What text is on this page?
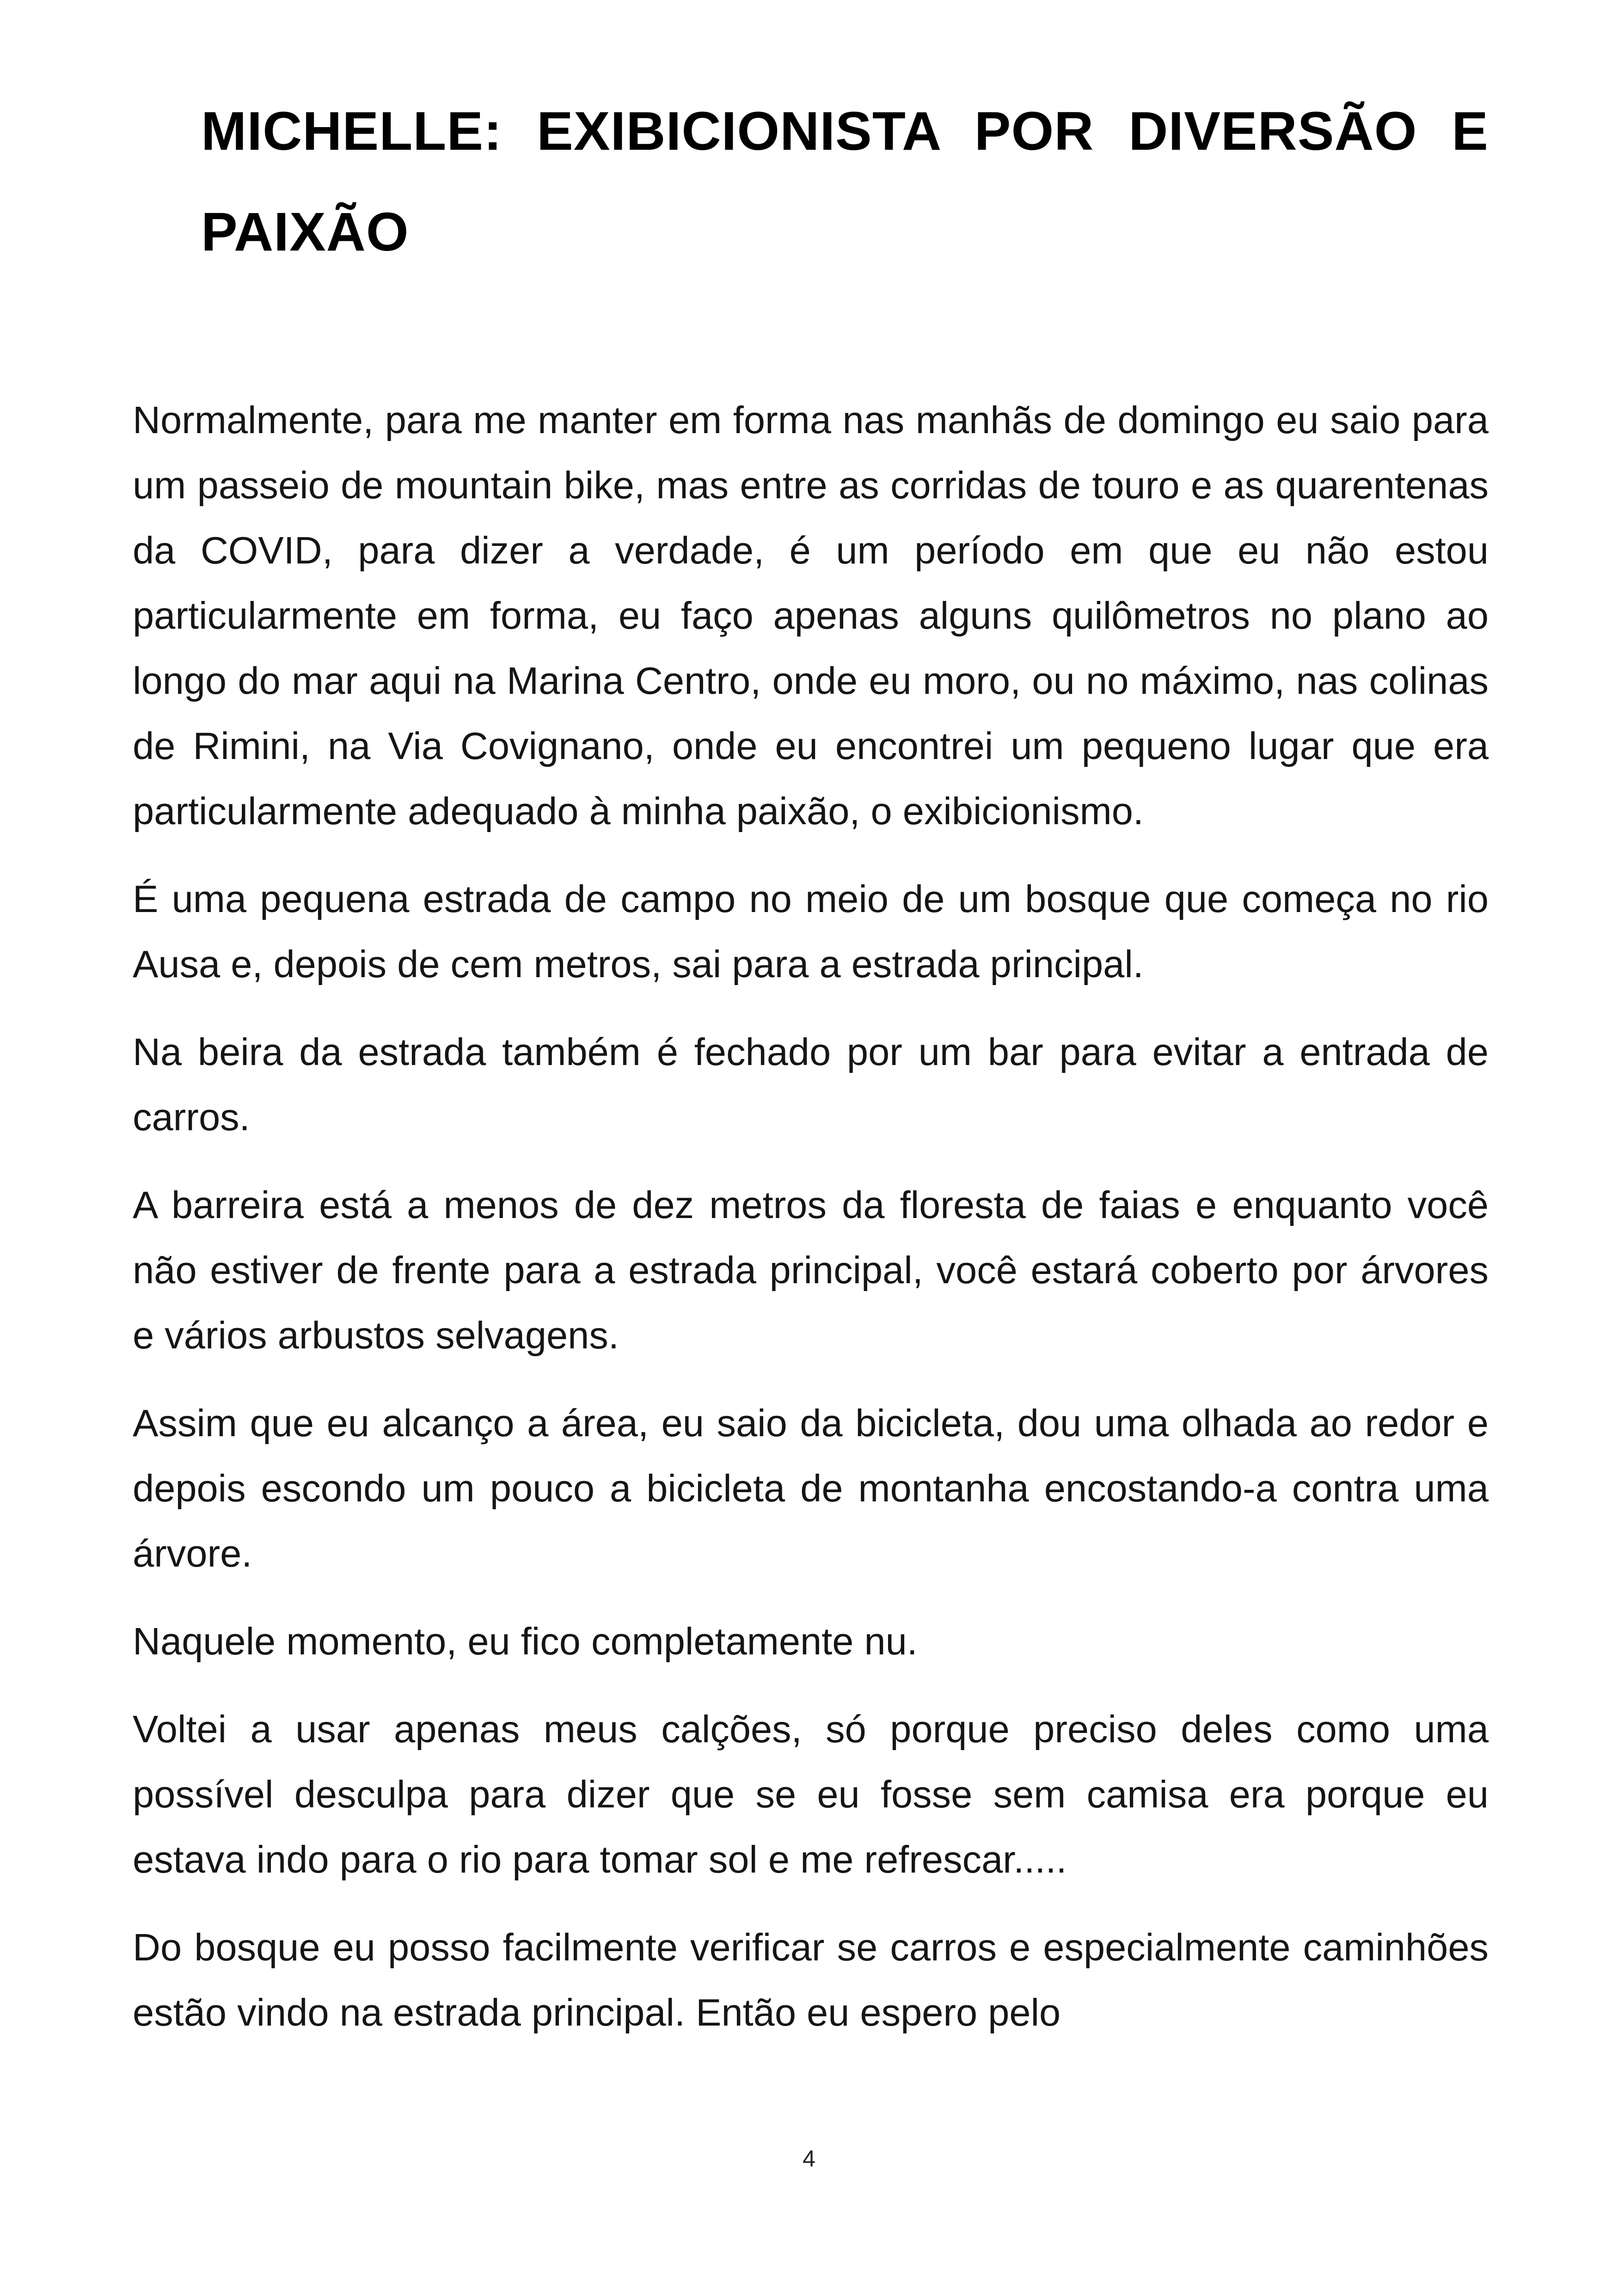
MICHELLE: EXIBICIONISTA POR DIVERSÃO E PAIXÃO

Normalmente, para me manter em forma nas manhãs de domingo eu saio para um passeio de mountain bike, mas entre as corridas de touro e as quarentenas da COVID, para dizer a verdade, é um período em que eu não estou particularmente em forma, eu faço apenas alguns quilômetros no plano ao longo do mar aqui na Marina Centro, onde eu moro, ou no máximo, nas colinas de Rimini, na Via Covignano, onde eu encontrei um pequeno lugar que era particularmente adequado à minha paixão, o exibicionismo.

É uma pequena estrada de campo no meio de um bosque que começa no rio Ausa e, depois de cem metros, sai para a estrada principal.

Na beira da estrada também é fechado por um bar para evitar a entrada de carros.

A barreira está a menos de dez metros da floresta de faias e enquanto você não estiver de frente para a estrada principal, você estará coberto por árvores e vários arbustos selvagens.

Assim que eu alcanço a área, eu saio da bicicleta, dou uma olhada ao redor e depois escondo um pouco a bicicleta de montanha encostando-a contra uma árvore.

Naquele momento, eu fico completamente nu.

Voltei a usar apenas meus calções, só porque preciso deles como uma possível desculpa para dizer que se eu fosse sem camisa era porque eu estava indo para o rio para tomar sol e me refrescar.....

Do bosque eu posso facilmente verificar se carros e especialmente caminhões estão vindo na estrada principal. Então eu espero pelo

4
